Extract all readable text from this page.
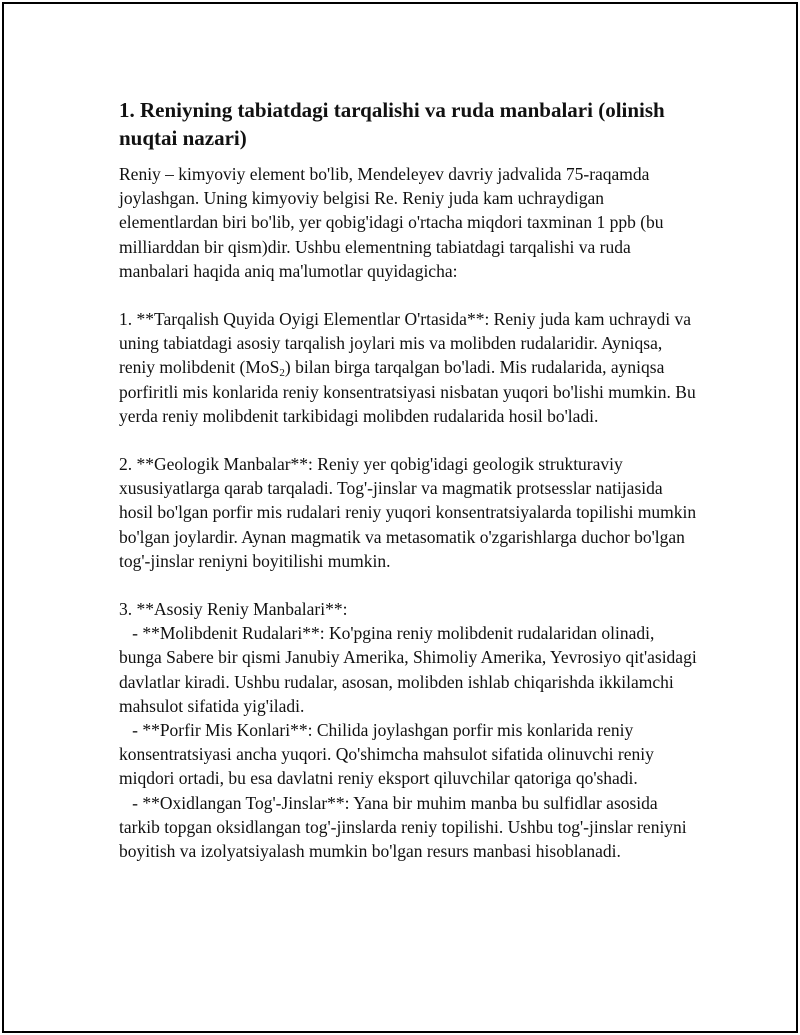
1. Reniyning tabiatdagi tarqalishi va ruda manbalari (olinish nuqtai nazari)

Reniy – kimyoviy element bo'lib, Mendeleyev davriy jadvalida 75-raqamda joylashgan. Uning kimyoviy belgisi Re. Reniy juda kam uchraydigan elementlardan biri bo'lib, yer qobig'idagi o'rtacha miqdori taxminan 1 ppb (bu milliarddan bir qism)dir. Ushbu elementning tabiatdagi tarqalishi va ruda manbalari haqida aniq ma'lumotlar quyidagicha:

1. **Tarqalish Quyida Oyigi Elementlar O'rtasida**: Reniy juda kam uchraydi va uning tabiatdagi asosiy tarqalish joylari mis va molibden rudalaridir. Ayniqsa, reniy molibdenit (MoS$_2$) bilan birga tarqalgan bo'ladi. Mis rudalarida, ayniqsa porfiritli mis konlarida reniy konsentratsiyasi nisbatan yuqori bo'lishi mumkin. Bu yerda reniy molibdenit tarkibidagi molibden rudalarida hosil bo'ladi.

2. **Geologik Manbalar**: Reniy yer qobig'idagi geologik strukturaviy xususiyatlarga qarab tarqaladi. Tog'-jinslar va magmatik protsesslar natijasida hosil bo'lgan porfir mis rudalari reniy yuqori konsentratsiyalarda topilishi mumkin bo'lgan joylardir. Aynan magmatik va metasomatik o'zgarishlarga duchor bo'lgan tog'-jinslar reniyni boyitilishi mumkin.

3. **Asosiy Reniy Manbalari**:

- **Molibdenit Rudalari**: Ko'pgina reniy molibdenit rudalaridan olinadi, bunga Sabere bir qismi Janubiy Amerika, Shimoliy Amerika, Yevrosiyo qit'asidagi davlatlar kiradi. Ushbu rudalar, asosan, molibden ishlab chiqarishda ikkilamchi mahsulot sifatida yig'iladi.

- **Porfir Mis Konlari**: Chilida joylashgan porfir mis konlarida reniy konsentratsiyasi ancha yuqori. Qo'shimcha mahsulot sifatida olinuvchi reniy miqdori ortadi, bu esa davlatni reniy eksport qiluvchilar qatoriga qo'shadi.

- **Oxidlangan Tog'-Jinslar**: Yana bir muhim manba bu sulfidlar asosida tarkib topgan oksidlangan tog'-jinslarda reniy topilishi. Ushbu tog'-jinslar reniyni boyitish va izolyatsiyalash mumkin bo'lgan resurs manbasi hisoblanadi.
